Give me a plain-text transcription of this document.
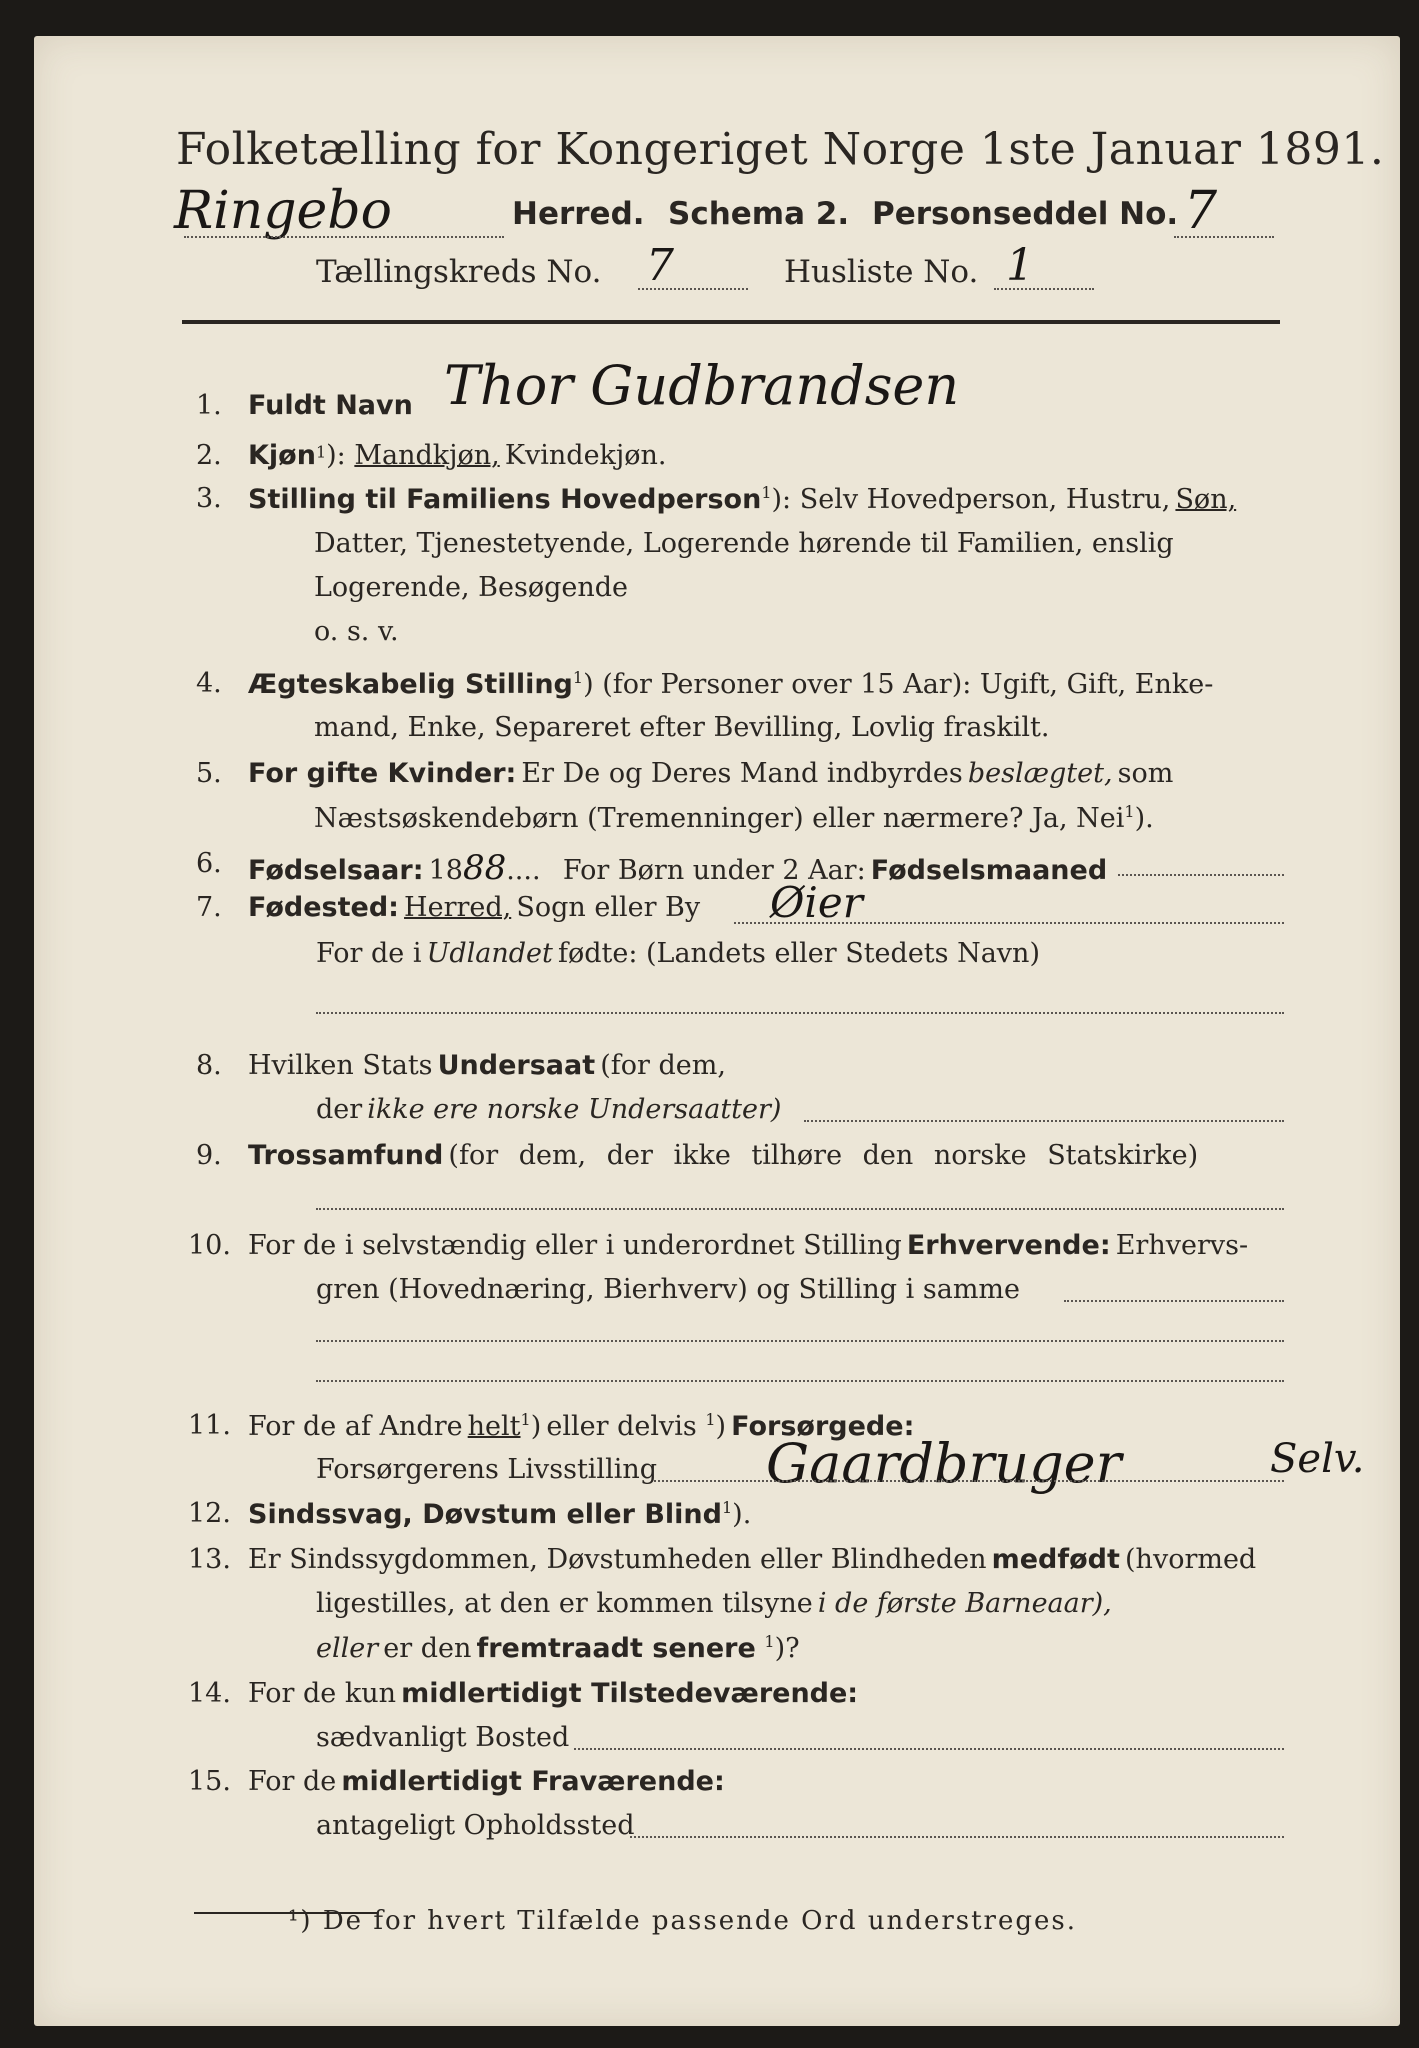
Folketælling for Kongeriget Norge 1ste Januar 1891.
Ringebo	Herred. Schema 2. Personseddel No. 7
Tællingskreds No. 7	Husliste No. 1
1. Fuldt Navn Thor Gudbrandsen
2. Kjøn$^1$): Mandkjøn, Kvindekjøn.
3. Stilling til Familiens Hovedperson$^1$): Selv Hovedperson, Hustru, Søn,
Datter, Tjenestetyende, Logerende hørende til Familien, enslig
Logerende, Besøgende
o. s. v.
4. Ægteskabelig Stilling$^1$) (for Personer over 15 Aar): Ugift, Gift, Enke-
mand, Enke, Separeret efter Bevilling, Lovlig fraskilt.
5. For gifte Kvinder: Er De og Deres Mand indbyrdes beslægtet, som
Næstsøskendebørn (Tremenninger) eller nærmere? Ja, Nei$^1$).
6. Fødselsaar: 1888....   For Børn under 2 Aar: Fødselsmaaned
7. Fødested: Herred, Sogn eller By Øier
For de i Udlandet fødte: (Landets eller Stedets Navn)
8. Hvilken Stats Undersaat (for dem,
der ikke ere norske Undersaatter)
9. Trossamfund (for dem, der ikke tilhøre den norske Statskirke)
10. For de i selvstændig eller i underordnet Stilling Erhvervende: Erhvervs-
gren (Hovednæring, Bierhverv) og Stilling i samme
11. For de af Andre helt$^1$) eller delvis $^1$) Forsørgede:
Forsørgerens Livsstilling Gaardbruger	Selv.
12. Sindssvag, Døvstum eller Blind$^1$).
13. Er Sindssygdommen, Døvstumheden eller Blindheden medfødt (hvormed
ligestilles, at den er kommen tilsyne i de første Barneaar),
eller er den fremtraadt senere $^1$)?
14. For de kun midlertidigt Tilstedeværende:
sædvanligt Bosted
15. For de midlertidigt Fraværende:
antageligt Opholdssted
¹) De for hvert Tilfælde passende Ord understreges.
